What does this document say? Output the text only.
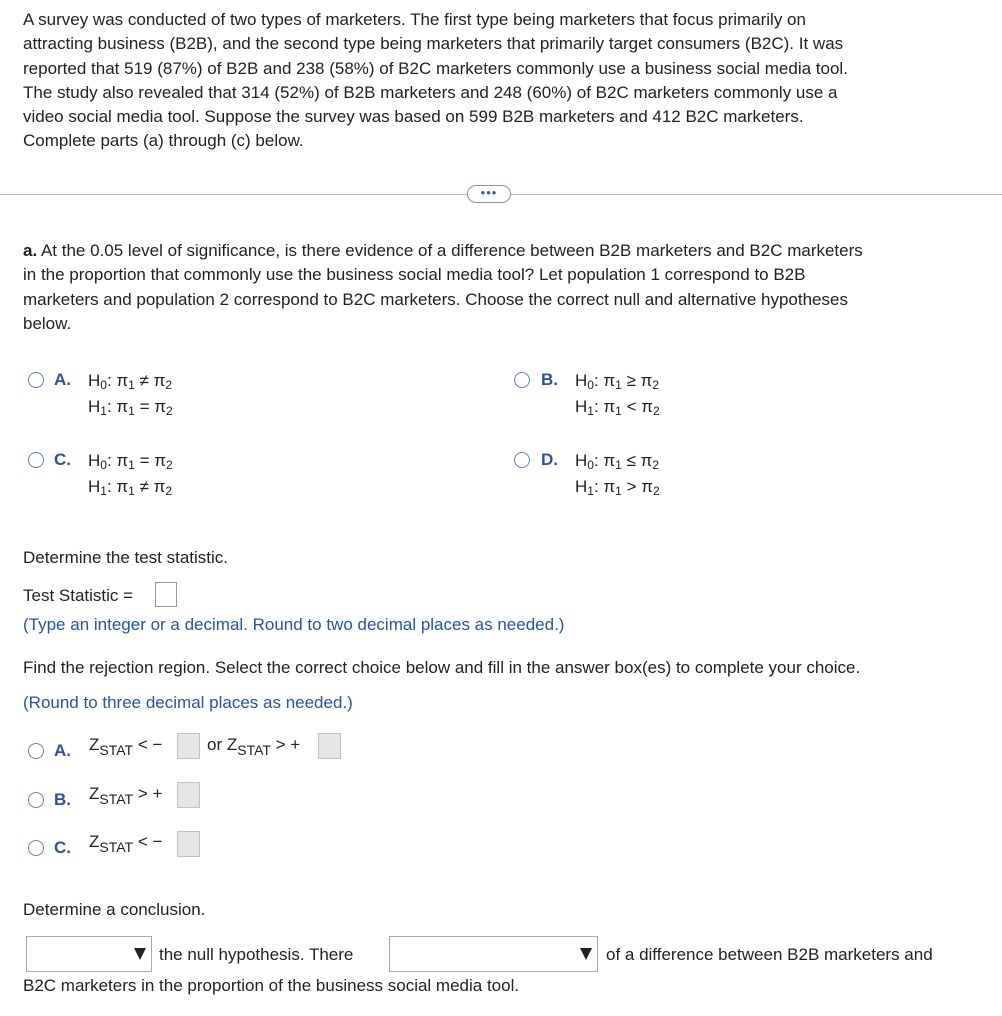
A survey was conducted of two types of marketers. The first type being marketers that focus primarily on
attracting business (B2B), and the second type being marketers that primarily target consumers (B2C). It was
reported that 519 (87%) of B2B and 238 (58%) of B2C marketers commonly use a business social media tool.
The study also revealed that 314 (52%) of B2B marketers and 248 (60%) of B2C marketers commonly use a
video social media tool. Suppose the survey was based on 599 B2B marketers and 412 B2C marketers.
Complete parts (a) through (c) below.
•••
a. At the 0.05 level of significance, is there evidence of a difference between B2B marketers and B2C marketers
in the proportion that commonly use the business social media tool? Let population 1 correspond to B2B
marketers and population 2 correspond to B2C marketers. Choose the correct null and alternative hypotheses
below.
A. $H_0$: $\pi_1 \ne \pi_2$
$H_1$: $\pi_1 = \pi_2$
B. $H_0$: $\pi_1 \ge \pi_2$
$H_1$: $\pi_1 < \pi_2$
C. $H_0$: $\pi_1 = \pi_2$
$H_1$: $\pi_1 \ne \pi_2$
D. $H_0$: $\pi_1 \le \pi_2$
$H_1$: $\pi_1 > \pi_2$
Determine the test statistic.
Test Statistic =
(Type an integer or a decimal. Round to two decimal places as needed.)
Find the rejection region. Select the correct choice below and fill in the answer box(es) to complete your choice.
(Round to three decimal places as needed.)
A. $Z_{STAT}$ < −	or $Z_{STAT}$ > +
B. $Z_{STAT}$ > +
C. $Z_{STAT}$ < −
Determine a conclusion.
the null hypothesis. There	of a difference between B2B marketers and
B2C marketers in the proportion of the business social media tool.
